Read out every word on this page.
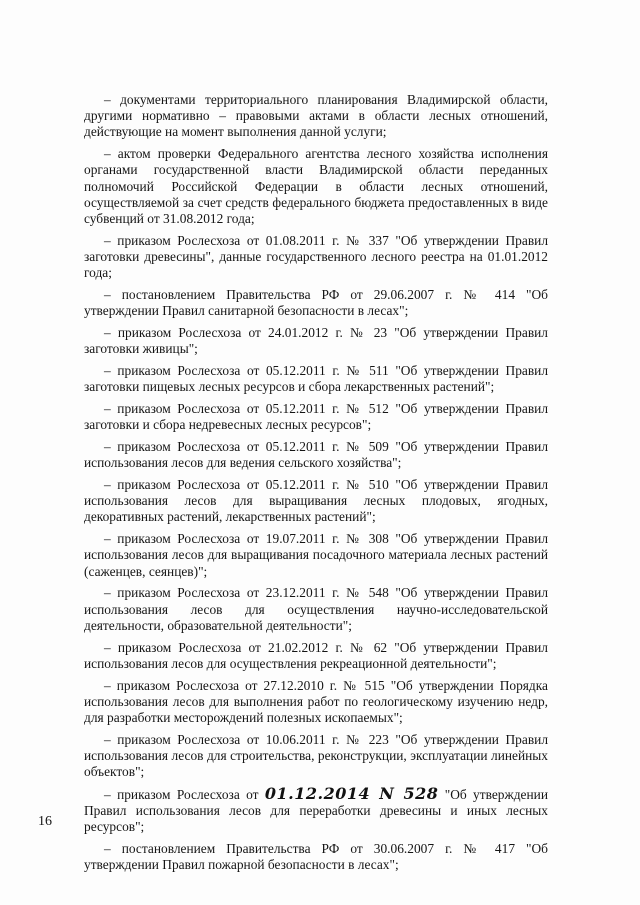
– документами территориального планирования Владимирской области, другими нормативно – правовыми актами в области лесных отношений, действующие на момент выполнения данной услуги;

– актом проверки Федерального агентства лесного хозяйства исполнения органами государственной власти Владимирской области переданных полномочий Российской Федерации в области лесных отношений, осуществляемой за счет средств федерального бюджета предоставленных в виде субвенций от 31.08.2012 года;

– приказом Рослесхоза от 01.08.2011 г. № 337 "Об утверждении Правил заготовки древесины", данные государственного лесного реестра на 01.01.2012 года;

– постановлением Правительства РФ от 29.06.2007 г. № 414 "Об утверждении Правил санитарной безопасности в лесах";

– приказом Рослесхоза от 24.01.2012 г. № 23 "Об утверждении Правил заготовки живицы";

– приказом Рослесхоза от 05.12.2011 г. № 511 "Об утверждении Правил заготовки пищевых лесных ресурсов и сбора лекарственных растений";

– приказом Рослесхоза от 05.12.2011 г. № 512 "Об утверждении Правил заготовки и сбора недревесных лесных ресурсов";

– приказом Рослесхоза от 05.12.2011 г. № 509 "Об утверждении Правил использования лесов для ведения сельского хозяйства";

– приказом Рослесхоза от 05.12.2011 г. № 510 "Об утверждении Правил использования лесов для выращивания лесных плодовых, ягодных, декоративных растений, лекарственных растений";

– приказом Рослесхоза от 19.07.2011 г. № 308 "Об утверждении Правил использования лесов для выращивания посадочного материала лесных растений (саженцев, сеянцев)";

– приказом Рослесхоза от 23.12.2011 г. № 548 "Об утверждении Правил использования лесов для осуществления научно-исследовательской деятельности, образовательной деятельности";

– приказом Рослесхоза от 21.02.2012 г. № 62 "Об утверждении Правил использования лесов для осуществления рекреационной деятельности";

– приказом Рослесхоза от 27.12.2010 г. № 515 "Об утверждении Порядка использования лесов для выполнения работ по геологическому изучению недр, для разработки месторождений полезных ископаемых";

– приказом Рослесхоза от 10.06.2011 г. № 223 "Об утверждении Правил использования лесов для строительства, реконструкции, эксплуатации линейных объектов";

– приказом Рослесхоза от 01.12.2014 N 528 "Об утверждении Правил использования лесов для переработки древесины и иных лесных ресурсов";

– постановлением Правительства РФ от 30.06.2007 г. № 417 "Об утверждении Правил пожарной безопасности в лесах";

16
